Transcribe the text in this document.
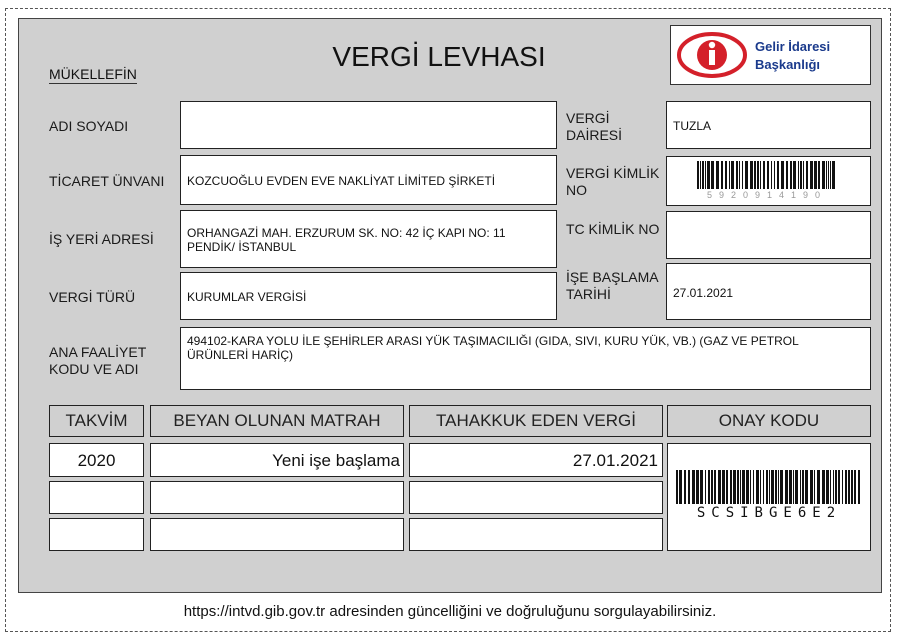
VERGİ LEVHASI
MÜKELLEFİN
Gelir İdaresi
Başkanlığı
ADI SOYADI
TİCARET ÜNVANI KOZCUOĞLU EVDEN EVE NAKLİYAT LİMİTED ŞİRKETİ
İŞ YERİ ADRESİ	ORHANGAZİ MAH. ERZURUM SK. NO: 42 İÇ KAPI NO: 11 PENDİK/ İSTANBUL
VERGİ TÜRÜ	KURUMLAR VERGİSİ
VERGİ DAİRESİ
TUZLA
VERGİ KİMLİK NO	5920914190
TC KİMLİK NO
İŞE BAŞLAMA TARİHİ	27.01.2021
ANA FAALİYET KODU VE ADI
494102-KARA YOLU İLE ŞEHİRLER ARASI YÜK TAŞIMACILIĞI (GIDA, SIVI, KURU YÜK, VB.) (GAZ VE PETROL ÜRÜNLERİ HARİÇ)
TAKVİM	BEYAN OLUNAN MATRAH	TAHAKKUK EDEN VERGİ	ONAY KODU
2020	Yeni işe başlama	27.01.2021
SCSIBGE6E2
https://intvd.gib.gov.tr adresinden güncelliğini ve doğruluğunu sorgulayabilirsiniz.
